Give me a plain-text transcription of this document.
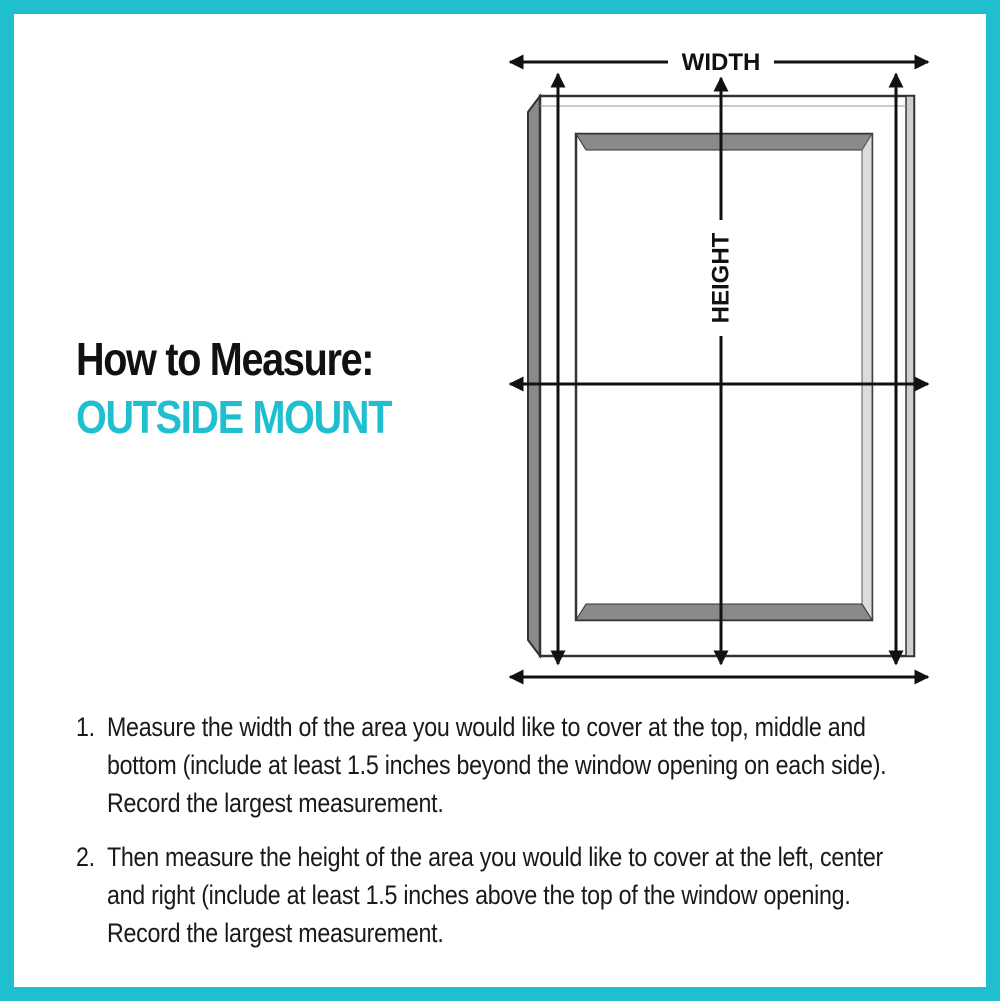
How to Measure:
OUTSIDE MOUNT
WIDTH
HEIGHT
1. Measure the width of the area you would like to cover at the top, middle and bottom (include at least 1.5 inches beyond the window opening on each side). Record the largest measurement.
2. Then measure the height of the area you would like to cover at the left, center and right (include at least 1.5 inches above the top of the window opening. Record the largest measurement.
